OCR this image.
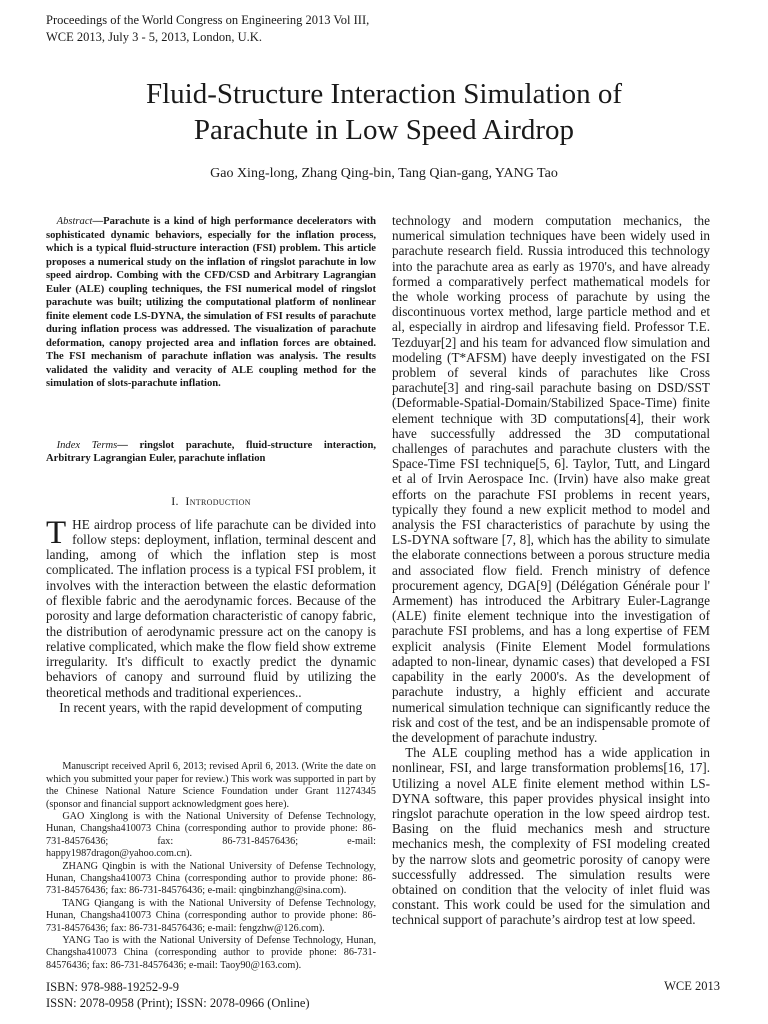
Proceedings of the World Congress on Engineering 2013 Vol III,
WCE 2013, July 3 - 5, 2013, London, U.K.
Fluid-Structure Interaction Simulation of
Parachute in Low Speed Airdrop
Gao Xing-long, Zhang Qing-bin, Tang Qian-gang, YANG Tao

Abstract—Parachute is a kind of high performance decelerators with sophisticated dynamic behaviors, especially for the inflation process, which is a typical fluid-structure interaction (FSI) problem. This article proposes a numerical study on the inflation of ringslot parachute in low speed airdrop. Combing with the CFD/CSD and Arbitrary Lagrangian Euler (ALE) coupling techniques, the FSI numerical model of ringslot parachute was built; utilizing the computational platform of nonlinear finite element code LS-DYNA, the simulation of FSI results of parachute during inflation process was addressed. The visualization of parachute deformation, canopy projected area and inflation forces are obtained. The FSI mechanism of parachute inflation was analysis. The results validated the validity and veracity of ALE coupling method for the simulation of slots-parachute inflation.

Index Terms— ringslot parachute, fluid-structure interaction, Arbitrary Lagrangian Euler, parachute inflation

I. Introduction

THE airdrop process of life parachute can be divided into follow steps: deployment, inflation, terminal descent and landing, among of which the inflation step is most complicated. The inflation process is a typical FSI problem, it involves with the interaction between the elastic deformation of flexible fabric and the aerodynamic forces. Because of the porosity and large deformation characteristic of canopy fabric, the distribution of aerodynamic pressure act on the canopy is relative complicated, which make the flow field show extreme irregularity. It's difficult to exactly predict the dynamic behaviors of canopy and surround fluid by utilizing the theoretical methods and traditional experiences..

In recent years, with the rapid development of computing

Manuscript received April 6, 2013; revised April 6, 2013. (Write the date on which you submitted your paper for review.) This work was supported in part by the Chinese National Nature Science Foundation under Grant 11274345 (sponsor and financial support acknowledgment goes here).

GAO Xinglong is with the National University of Defense Technology, Hunan, Changsha410073 China (corresponding author to provide phone: 86-731-84576436; fax: 86-731-84576436; e-mail: happy1987dragon@yahoo.com.cn).

ZHANG Qingbin is with the National University of Defense Technology, Hunan, Changsha410073 China (corresponding author to provide phone: 86-731-84576436; fax: 86-731-84576436; e-mail: qingbinzhang@sina.com).

TANG Qiangang is with the National University of Defense Technology, Hunan, Changsha410073 China (corresponding author to provide phone: 86-731-84576436; fax: 86-731-84576436; e-mail: fengzhw@126.com).

YANG Tao is with the National University of Defense Technology, Hunan, Changsha410073 China (corresponding author to provide phone: 86-731-84576436; fax: 86-731-84576436; e-mail: Taoy90@163.com).

technology and modern computation mechanics, the numerical simulation techniques have been widely used in parachute research field. Russia introduced this technology into the parachute area as early as 1970's, and have already formed a comparatively perfect mathematical models for the whole working process of parachute by using the discontinuous vortex method, large particle method and et al, especially in airdrop and lifesaving field. Professor T.E. Tezduyar[2] and his team for advanced flow simulation and modeling (T*AFSM) have deeply investigated on the FSI problem of several kinds of parachutes like Cross parachute[3] and ring-sail parachute basing on DSD/SST (Deformable-Spatial-Domain/Stabilized Space-Time) finite element technique with 3D computations[4], their work have successfully addressed the 3D computational challenges of parachutes and parachute clusters with the Space-Time FSI technique[5, 6]. Taylor, Tutt, and Lingard et al of Irvin Aerospace Inc. (Irvin) have also make great efforts on the parachute FSI problems in recent years, typically they found a new explicit method to model and analysis the FSI characteristics of parachute by using the LS-DYNA software [7, 8], which has the ability to simulate the elaborate connections between a porous structure media and associated flow field. French ministry of defence procurement agency, DGA[9] (Délégation Générale pour l' Armement) has introduced the Arbitrary Euler-Lagrange (ALE) finite element technique into the investigation of parachute FSI problems, and has a long expertise of FEM explicit analysis (Finite Element Model formulations adapted to non-linear, dynamic cases) that developed a FSI capability in the early 2000's. As the development of parachute industry, a highly efficient and accurate numerical simulation technique can significantly reduce the risk and cost of the test, and be an indispensable promote of the development of parachute industry.

The ALE coupling method has a wide application in nonlinear, FSI, and large transformation problems[16, 17]. Utilizing a novel ALE finite element method within LS-DYNA software, this paper provides physical insight into ringslot parachute operation in the low speed airdrop test. Basing on the fluid mechanics mesh and structure mechanics mesh, the complexity of FSI modeling created by the narrow slots and geometric porosity of canopy were successfully addressed. The simulation results were obtained on condition that the velocity of inlet fluid was constant. This work could be used for the simulation and technical support of parachute’s airdrop test at low speed.

ISBN: 978-988-19252-9-9
ISSN: 2078-0958 (Print); ISSN: 2078-0966 (Online)
WCE 2013
